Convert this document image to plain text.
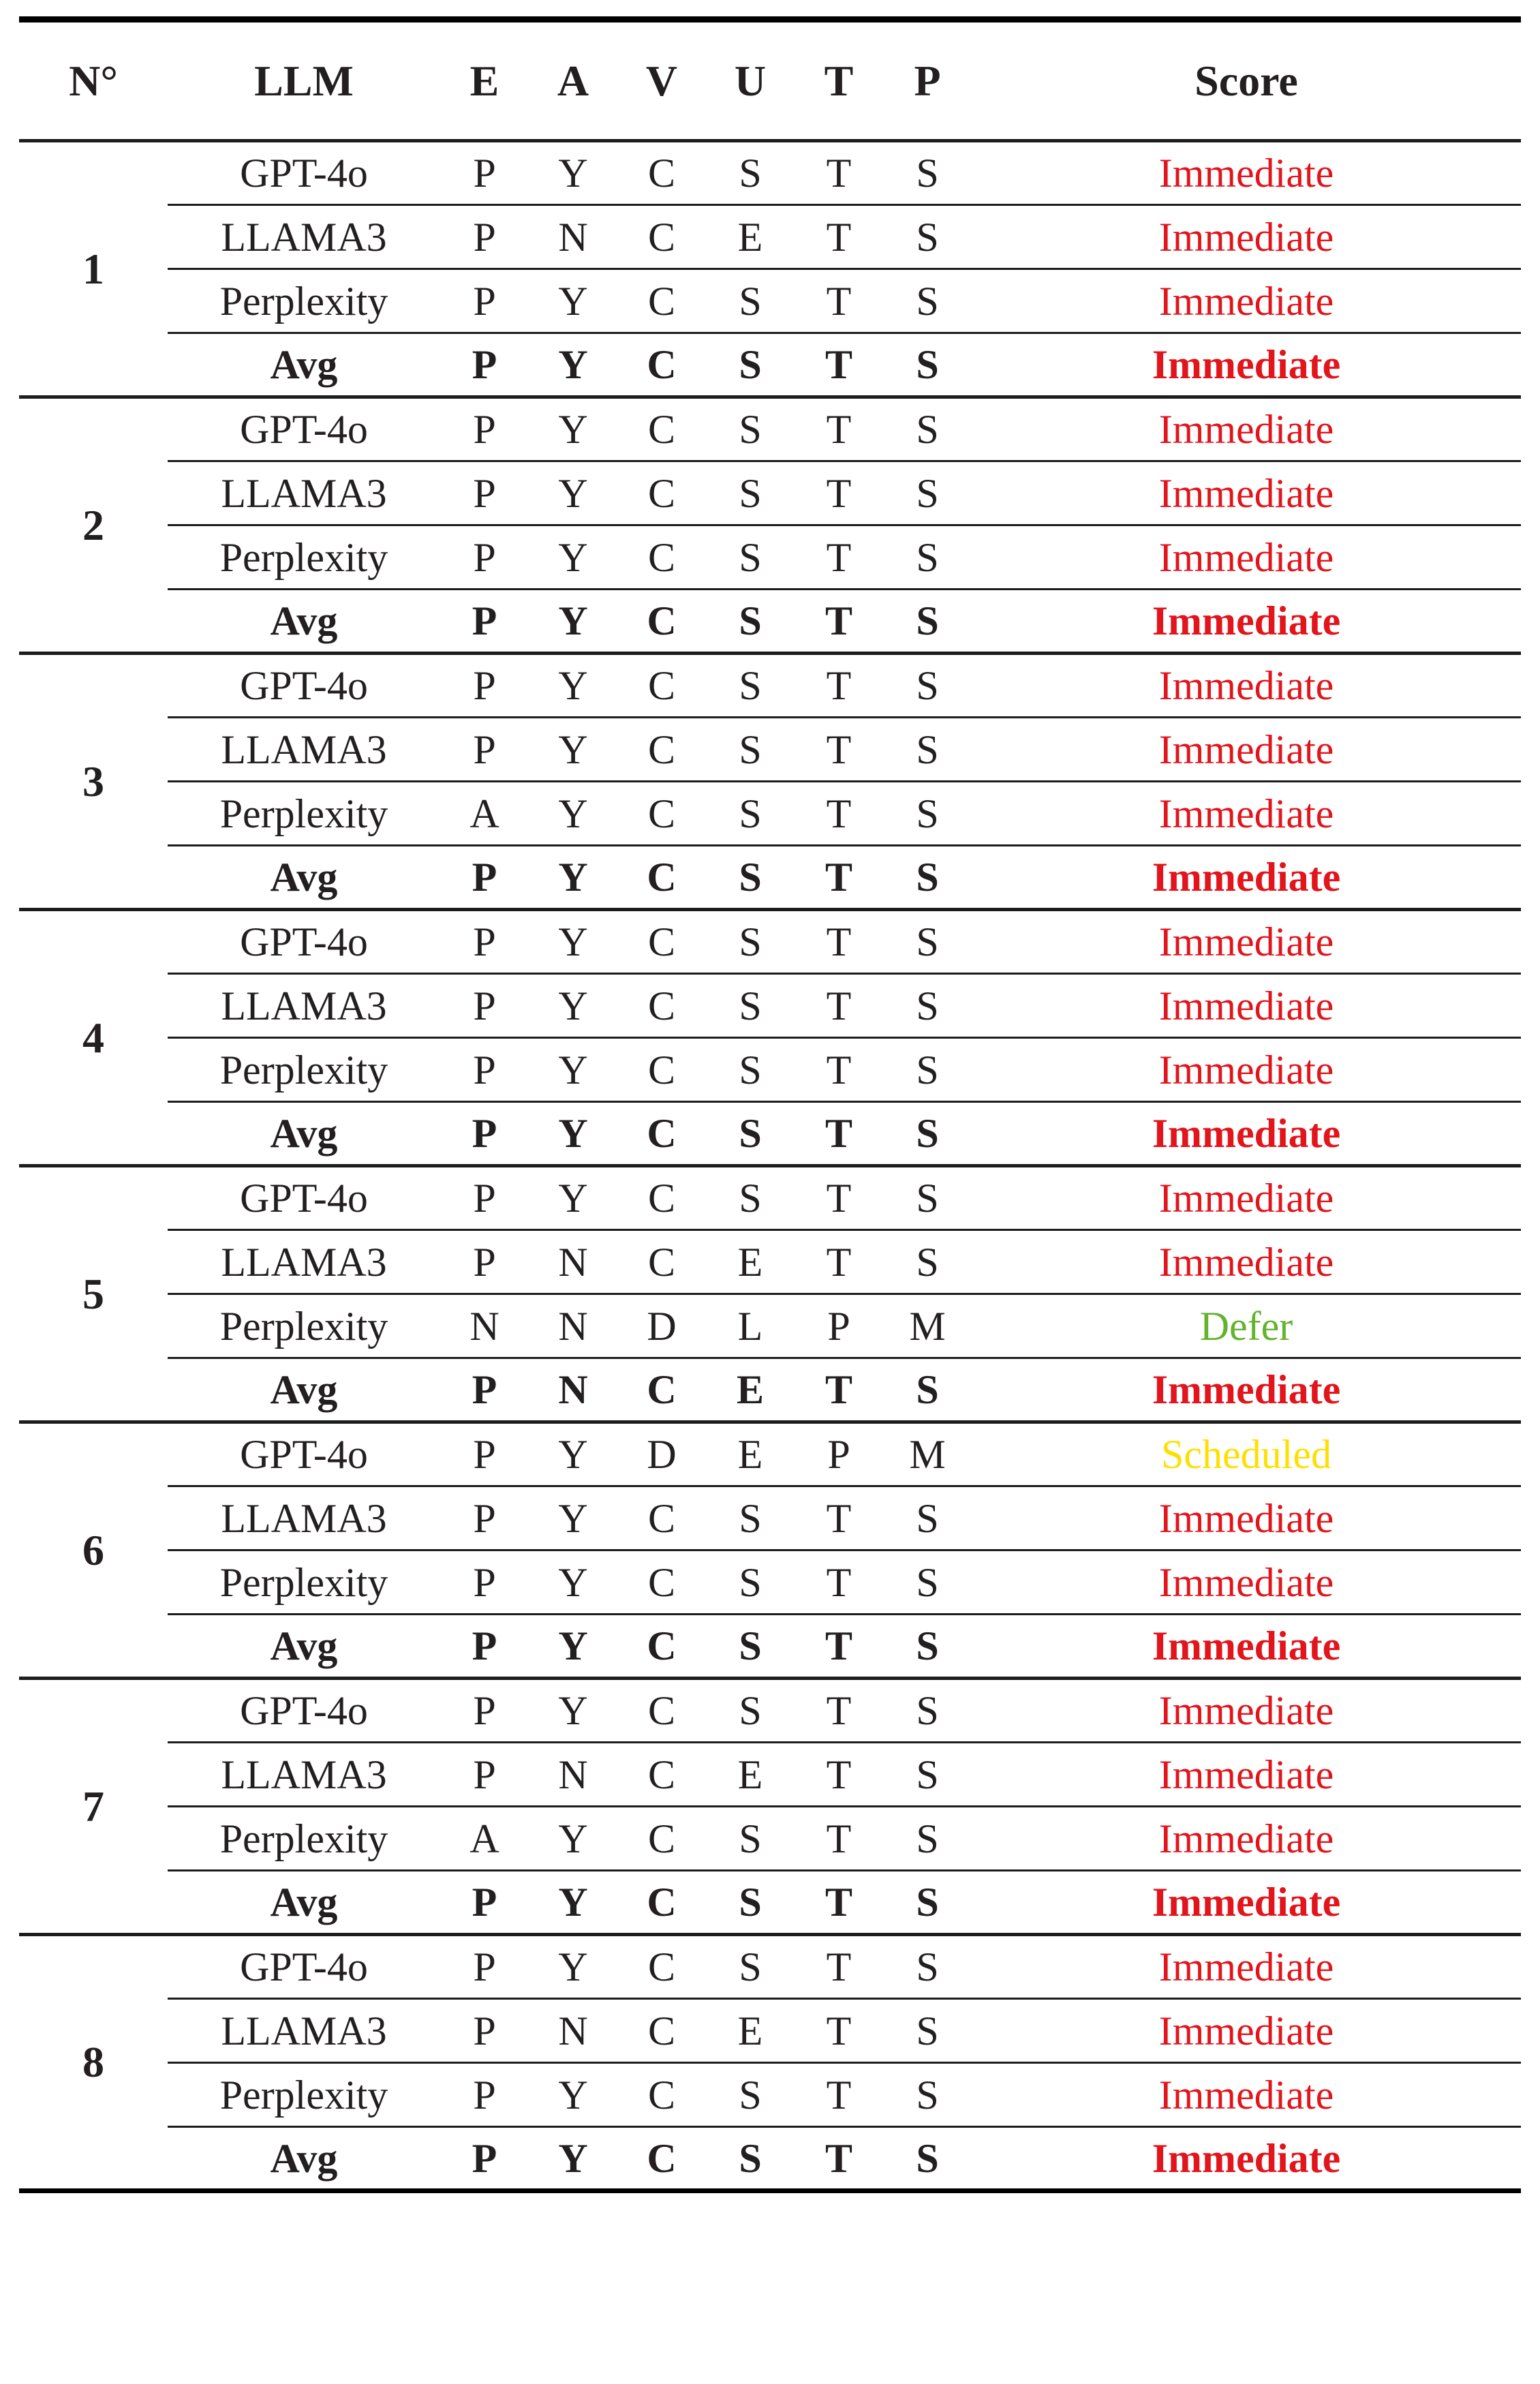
N°	LLM	E	A	V	U	T	P	Score
1	GPT-4o	P	Y	C	S	T	S	Immediate
	LLAMA3	P	N	C	E	T	S	Immediate
	Perplexity	P	Y	C	S	T	S	Immediate
	Avg	P	Y	C	S	T	S	Immediate
2	GPT-4o	P	Y	C	S	T	S	Immediate
	LLAMA3	P	Y	C	S	T	S	Immediate
	Perplexity	P	Y	C	S	T	S	Immediate
	Avg	P	Y	C	S	T	S	Immediate
3	GPT-4o	P	Y	C	S	T	S	Immediate
	LLAMA3	P	Y	C	S	T	S	Immediate
	Perplexity	A	Y	C	S	T	S	Immediate
	Avg	P	Y	C	S	T	S	Immediate
4	GPT-4o	P	Y	C	S	T	S	Immediate
	LLAMA3	P	Y	C	S	T	S	Immediate
	Perplexity	P	Y	C	S	T	S	Immediate
	Avg	P	Y	C	S	T	S	Immediate
5	GPT-4o	P	Y	C	S	T	S	Immediate
	LLAMA3	P	N	C	E	T	S	Immediate
	Perplexity	N	N	D	L	P	M	Defer
	Avg	P	N	C	E	T	S	Immediate
6	GPT-4o	P	Y	D	E	P	M	Scheduled
	LLAMA3	P	Y	C	S	T	S	Immediate
	Perplexity	P	Y	C	S	T	S	Immediate
	Avg	P	Y	C	S	T	S	Immediate
7	GPT-4o	P	Y	C	S	T	S	Immediate
	LLAMA3	P	N	C	E	T	S	Immediate
	Perplexity	A	Y	C	S	T	S	Immediate
	Avg	P	Y	C	S	T	S	Immediate
8	GPT-4o	P	Y	C	S	T	S	Immediate
	LLAMA3	P	N	C	E	T	S	Immediate
	Perplexity	P	Y	C	S	T	S	Immediate
	Avg	P	Y	C	S	T	S	Immediate
